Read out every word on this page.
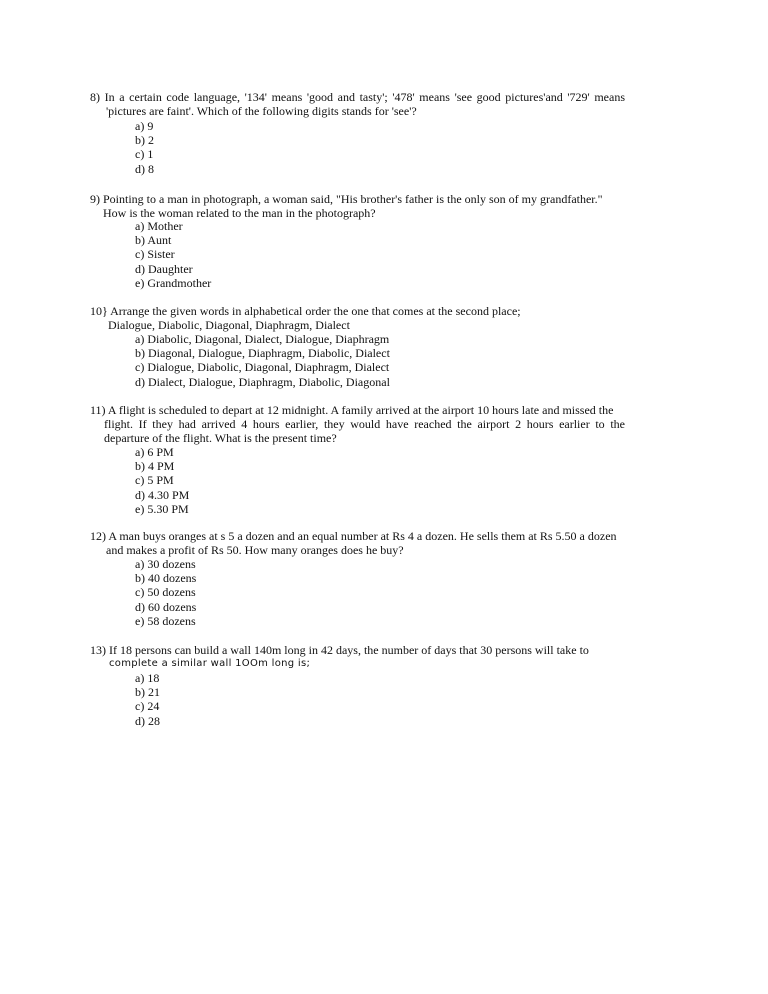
8) In a certain code language, '134' means 'good and tasty'; '478' means 'see good pictures'and '729' means
'pictures are faint'. Which of the following digits stands for 'see'?
a) 9
b) 2
c) 1
d) 8
9) Pointing to a man in photograph, a woman said, "His brother's father is the only son of my grandfather."
How is the woman related to the man in the photograph?
a) Mother
b) Aunt
c) Sister
d) Daughter
e) Grandmother
10} Arrange the given words in alphabetical order the one that comes at the second place;
Dialogue, Diabolic, Diagonal, Diaphragm, Dialect
a) Diabolic, Diagonal, Dialect, Dialogue, Diaphragm
b) Diagonal, Dialogue, Diaphragm, Diabolic, Dialect
c) Dialogue, Diabolic, Diagonal, Diaphragm, Dialect
d) Dialect, Dialogue, Diaphragm, Diabolic, Diagonal
11) A flight is scheduled to depart at 12 midnight. A family arrived at the airport 10 hours late and missed the
flight. If they had arrived 4 hours earlier, they would have reached the airport 2 hours earlier to the
departure of the flight. What is the present time?
a) 6 PM
b) 4 PM
c) 5 PM
d) 4.30 PM
e) 5.30 PM
12) A man buys oranges at s 5 a dozen and an equal number at Rs 4 a dozen. He sells them at Rs 5.50 a dozen
and makes a profit of Rs 50. How many oranges does he buy?
a) 30 dozens
b) 40 dozens
c) 50 dozens
d) 60 dozens
e) 58 dozens
13) If 18 persons can build a wall 140m long in 42 days, the number of days that 30 persons will take to
complete a similar wall 1OOm long is;
a) 18
b) 21
c) 24
d) 28
